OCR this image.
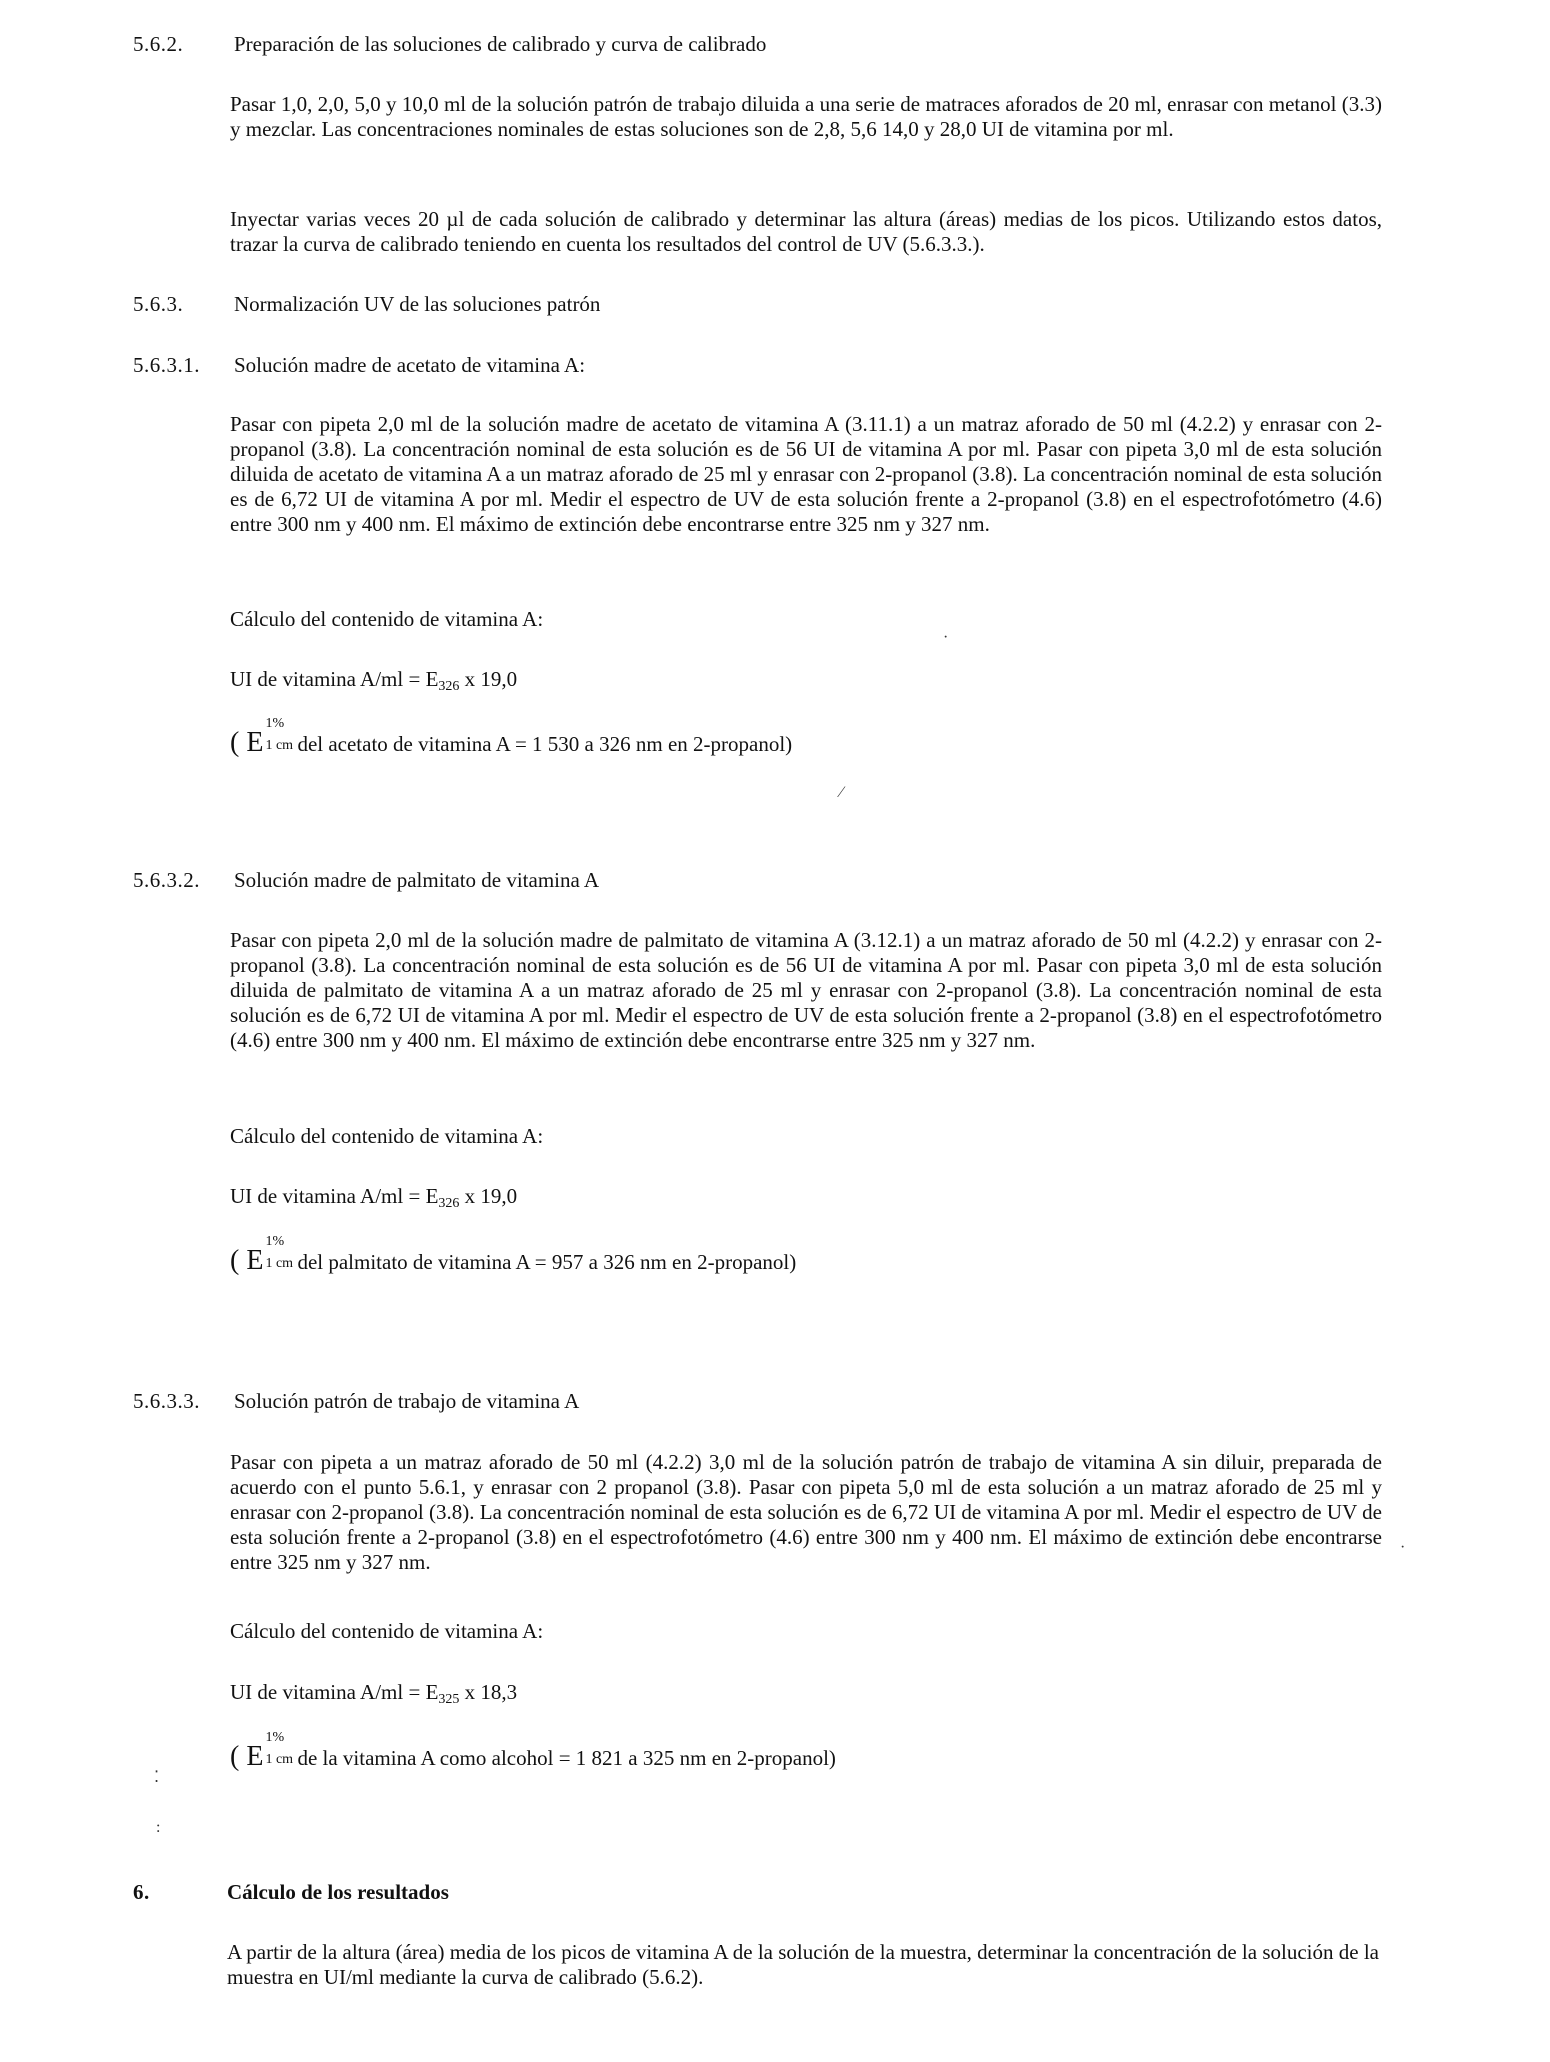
5.6.2. Preparación de las soluciones de calibrado y curva de calibrado
Pasar 1,0, 2,0, 5,0 y 10,0 ml de la solución patrón de trabajo diluida a una serie de matraces aforados de 20 ml, enrasar con metanol (3.3) y mezclar. Las concentraciones nominales de estas soluciones son de 2,8, 5,6 14,0 y 28,0 UI de vitamina por ml.
Inyectar varias veces 20 µl de cada solución de calibrado y determinar las altura (áreas) medias de los picos. Utilizando estos datos, trazar la curva de calibrado teniendo en cuenta los resultados del control de UV (5.6.3.3.).
5.6.3. Normalización UV de las soluciones patrón
5.6.3.1. Solución madre de acetato de vitamina A:
Pasar con pipeta 2,0 ml de la solución madre de acetato de vitamina A (3.11.1) a un matraz aforado de 50 ml (4.2.2) y enrasar con 2-propanol (3.8). La concentración nominal de esta solución es de 56 UI de vitamina A por ml. Pasar con pipeta 3,0 ml de esta solución diluida de acetato de vitamina A a un matraz aforado de 25 ml y enrasar con 2-propanol (3.8). La concentración nominal de esta solución es de 6,72 UI de vitamina A por ml. Medir el espectro de UV de esta solución frente a 2-propanol (3.8) en el espectrofotómetro (4.6) entre 300 nm y 400 nm. El máximo de extinción debe encontrarse entre 325 nm y 327 nm.
Cálculo del contenido de vitamina A:
UI de vitamina $A/ml = E_{326}$ x 19,0
( E
1%
1 cm del acetato de vitamina A = 1 530 a 326 nm en 2-propanol)
5.6.3.2. Solución madre de palmitato de vitamina A
Pasar con pipeta 2,0 ml de la solución madre de palmitato de vitamina A (3.12.1) a un matraz aforado de 50 ml (4.2.2) y enrasar con 2-propanol (3.8). La concentración nominal de esta solución es de 56 UI de vitamina A por ml. Pasar con pipeta 3,0 ml de esta solución diluida de palmitato de vitamina A a un matraz aforado de 25 ml y enrasar con 2-propanol (3.8). La concentración nominal de esta solución es de 6,72 UI de vitamina A por ml. Medir el espectro de UV de esta solución frente a 2-propanol (3.8) en el espectrofotómetro (4.6) entre 300 nm y 400 nm. El máximo de extinción debe encontrarse entre 325 nm y 327 nm.
Cálculo del contenido de vitamina A:
UI de vitamina $A/ml = E_{326}$ x 19,0
( E
1%
1 cm del palmitato de vitamina A = 957 a 326 nm en 2-propanol)
5.6.3.3. Solución patrón de trabajo de vitamina A
Pasar con pipeta a un matraz aforado de 50 ml (4.2.2) 3,0 ml de la solución patrón de trabajo de vitamina A sin diluir, preparada de acuerdo con el punto 5.6.1, y enrasar con 2 propanol (3.8). Pasar con pipeta 5,0 ml de esta solución a un matraz aforado de 25 ml y enrasar con 2-propanol (3.8). La concentración nominal de esta solución es de 6,72 UI de vitamina A por ml. Medir el espectro de UV de esta solución frente a 2-propanol (3.8) en el espectrofotómetro (4.6) entre 300 nm y 400 nm. El máximo de extinción debe encontrarse entre 325 nm y 327 nm.
Cálculo del contenido de vitamina A:
UI de vitamina $A/ml = E_{325}$ x 18,3
( E
1%
1 cm de la vitamina A como alcohol = 1 821 a 325 nm en 2-propanol)
6.	Cálculo de los resultados
A partir de la altura (área) media de los picos de vitamina A de la solución de la muestra, determinar la concentración de la solución de la muestra en UI/ml mediante la curva de calibrado (5.6.2).
·
⁄
·
⁚
:
